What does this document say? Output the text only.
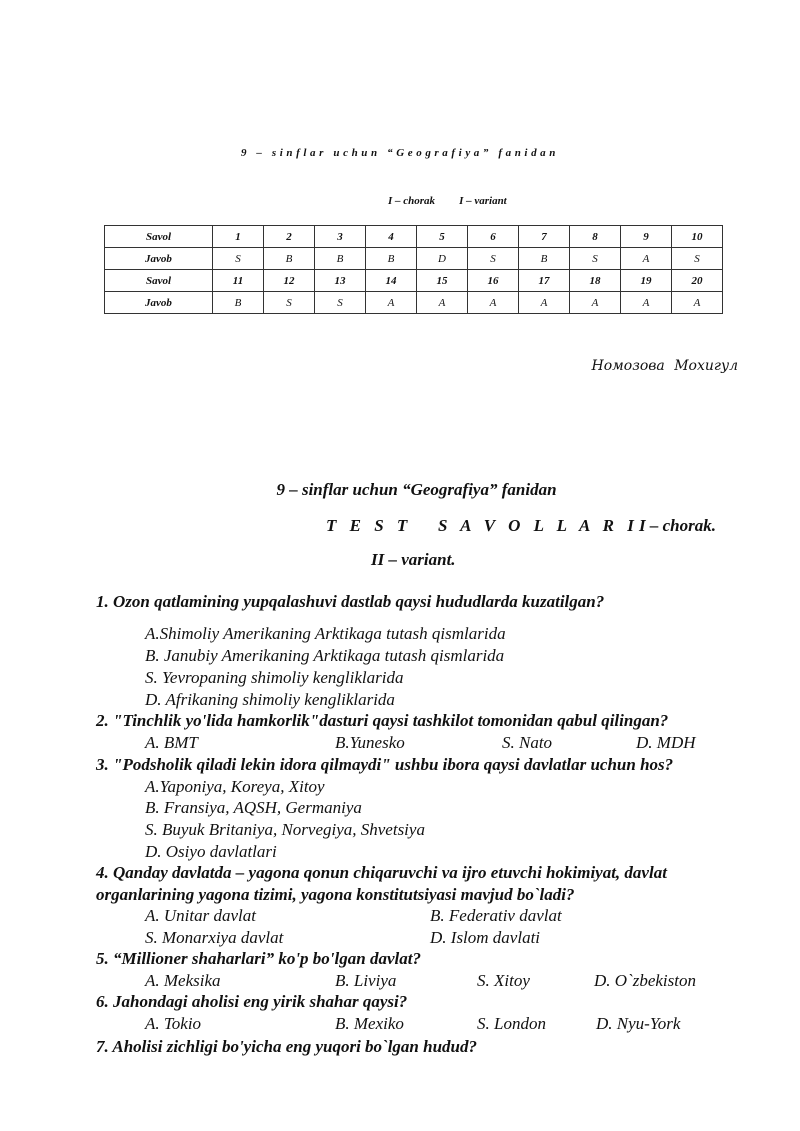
9 – sinflar uchun “Geografiya” fanidan
I – chorak I – variant
Savol	1	2	3	4	5	6	7	8	9	10
Javob	S	B	B	B	D	S	B	S	A	S
Savol	11	12	13	14	15	16	17	18	19	20
Javob	B	S	S	A	A	A	A	A	A	A
Номозова Мохигул
9 – sinflar uchun “Geografiya” fanidan
T E S T   S A V O L L A R I I – chorak.
II – variant.
1. Ozon qatlamining yupqalashuvi dastlab qaysi hududlarda kuzatilgan?
A.Shimoliy Amerikaning Arktikaga tutash qismlarida
B. Janubiy Amerikaning Arktikaga tutash qismlarida
S. Yevropaning shimoliy kengliklarida
D. Afrikaning shimoliy kengliklarida
2. "Tinchlik yo'lida hamkorlik"dasturi qaysi tashkilot tomonidan qabul qilingan?
A. BMT	B.Yunesko	S. Nato	D. MDH
3. "Podsholik qiladi lekin idora qilmaydi" ushbu ibora qaysi davlatlar uchun hos?
A.Yaponiya, Koreya, Xitoy
B. Fransiya, AQSH, Germaniya
S. Buyuk Britaniya, Norvegiya, Shvetsiya
D. Osiyo davlatlari
4. Qanday davlatda – yagona qonun chiqaruvchi va ijro etuvchi hokimiyat, davlat
organlarining yagona tizimi, yagona konstitutsiyasi mavjud bo`ladi?
A. Unitar davlat	B. Federativ davlat
S. Monarxiya davlat	D. Islom davlati
5. “Millioner shaharlari” ko'p bo'lgan davlat?
A. Meksika	B. Liviya	S. Xitoy	D. O`zbekiston
6. Jahondagi aholisi eng yirik shahar qaysi?
A. Tokio	B. Mexiko	S. London	D. Nyu-York
7. Aholisi zichligi bo'yicha eng yuqori bo`lgan hudud?
